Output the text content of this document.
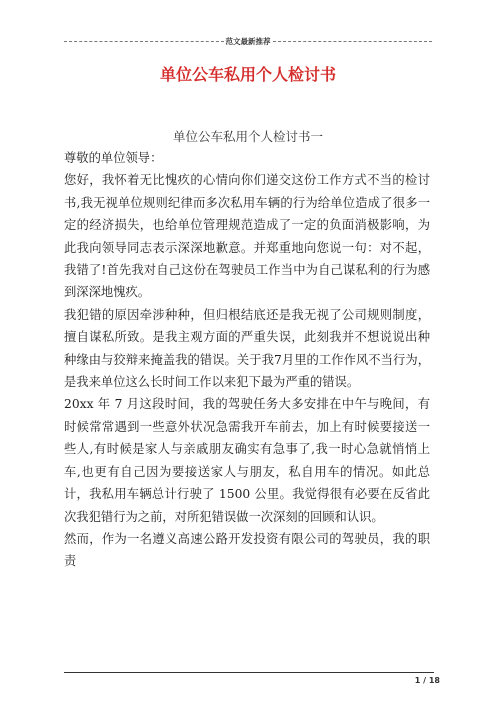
范文最新推荐
单位公车私用个人检讨书
单位公车私用个人检讨书一

尊敬的单位领导：

您好，我怀着无比愧疚的心情向你们递交这份工作方式不当的检讨书,我无视单位规则纪律而多次私用车辆的行为给单位造成了很多一定的经济损失，也给单位管理规范造成了一定的负面消极影响，为此我向领导同志表示深深地歉意。并郑重地向您说一句：对不起，我错了!首先我对自己这份在驾驶员工作当中为自己谋私利的行为感到深深地愧疚。

我犯错的原因牵涉种种，但归根结底还是我无视了公司规则制度，擅自谋私所致。是我主观方面的严重失误，此刻我并不想说说出种种缘由与狡辩来掩盖我的错误。关于我7月里的工作作风不当行为，是我来单位这么长时间工作以来犯下最为严重的错误。

20xx 年 7 月这段时间，我的驾驶任务大多安排在中午与晚间，有时候常常遇到一些意外状况急需我开车前去，加上有时候要接送一些人,有时候是家人与亲戚朋友确实有急事了,我一时心急就悄悄上车,也更有自己因为要接送家人与朋友，私自用车的情况。如此总计，我私用车辆总计行驶了 1500 公里。我觉得很有必要在反省此次我犯错行为之前，对所犯错误做一次深刻的回顾和认识。

然而，作为一名遵义高速公路开发投资有限公司的驾驶员，我的职责

1 / 18
